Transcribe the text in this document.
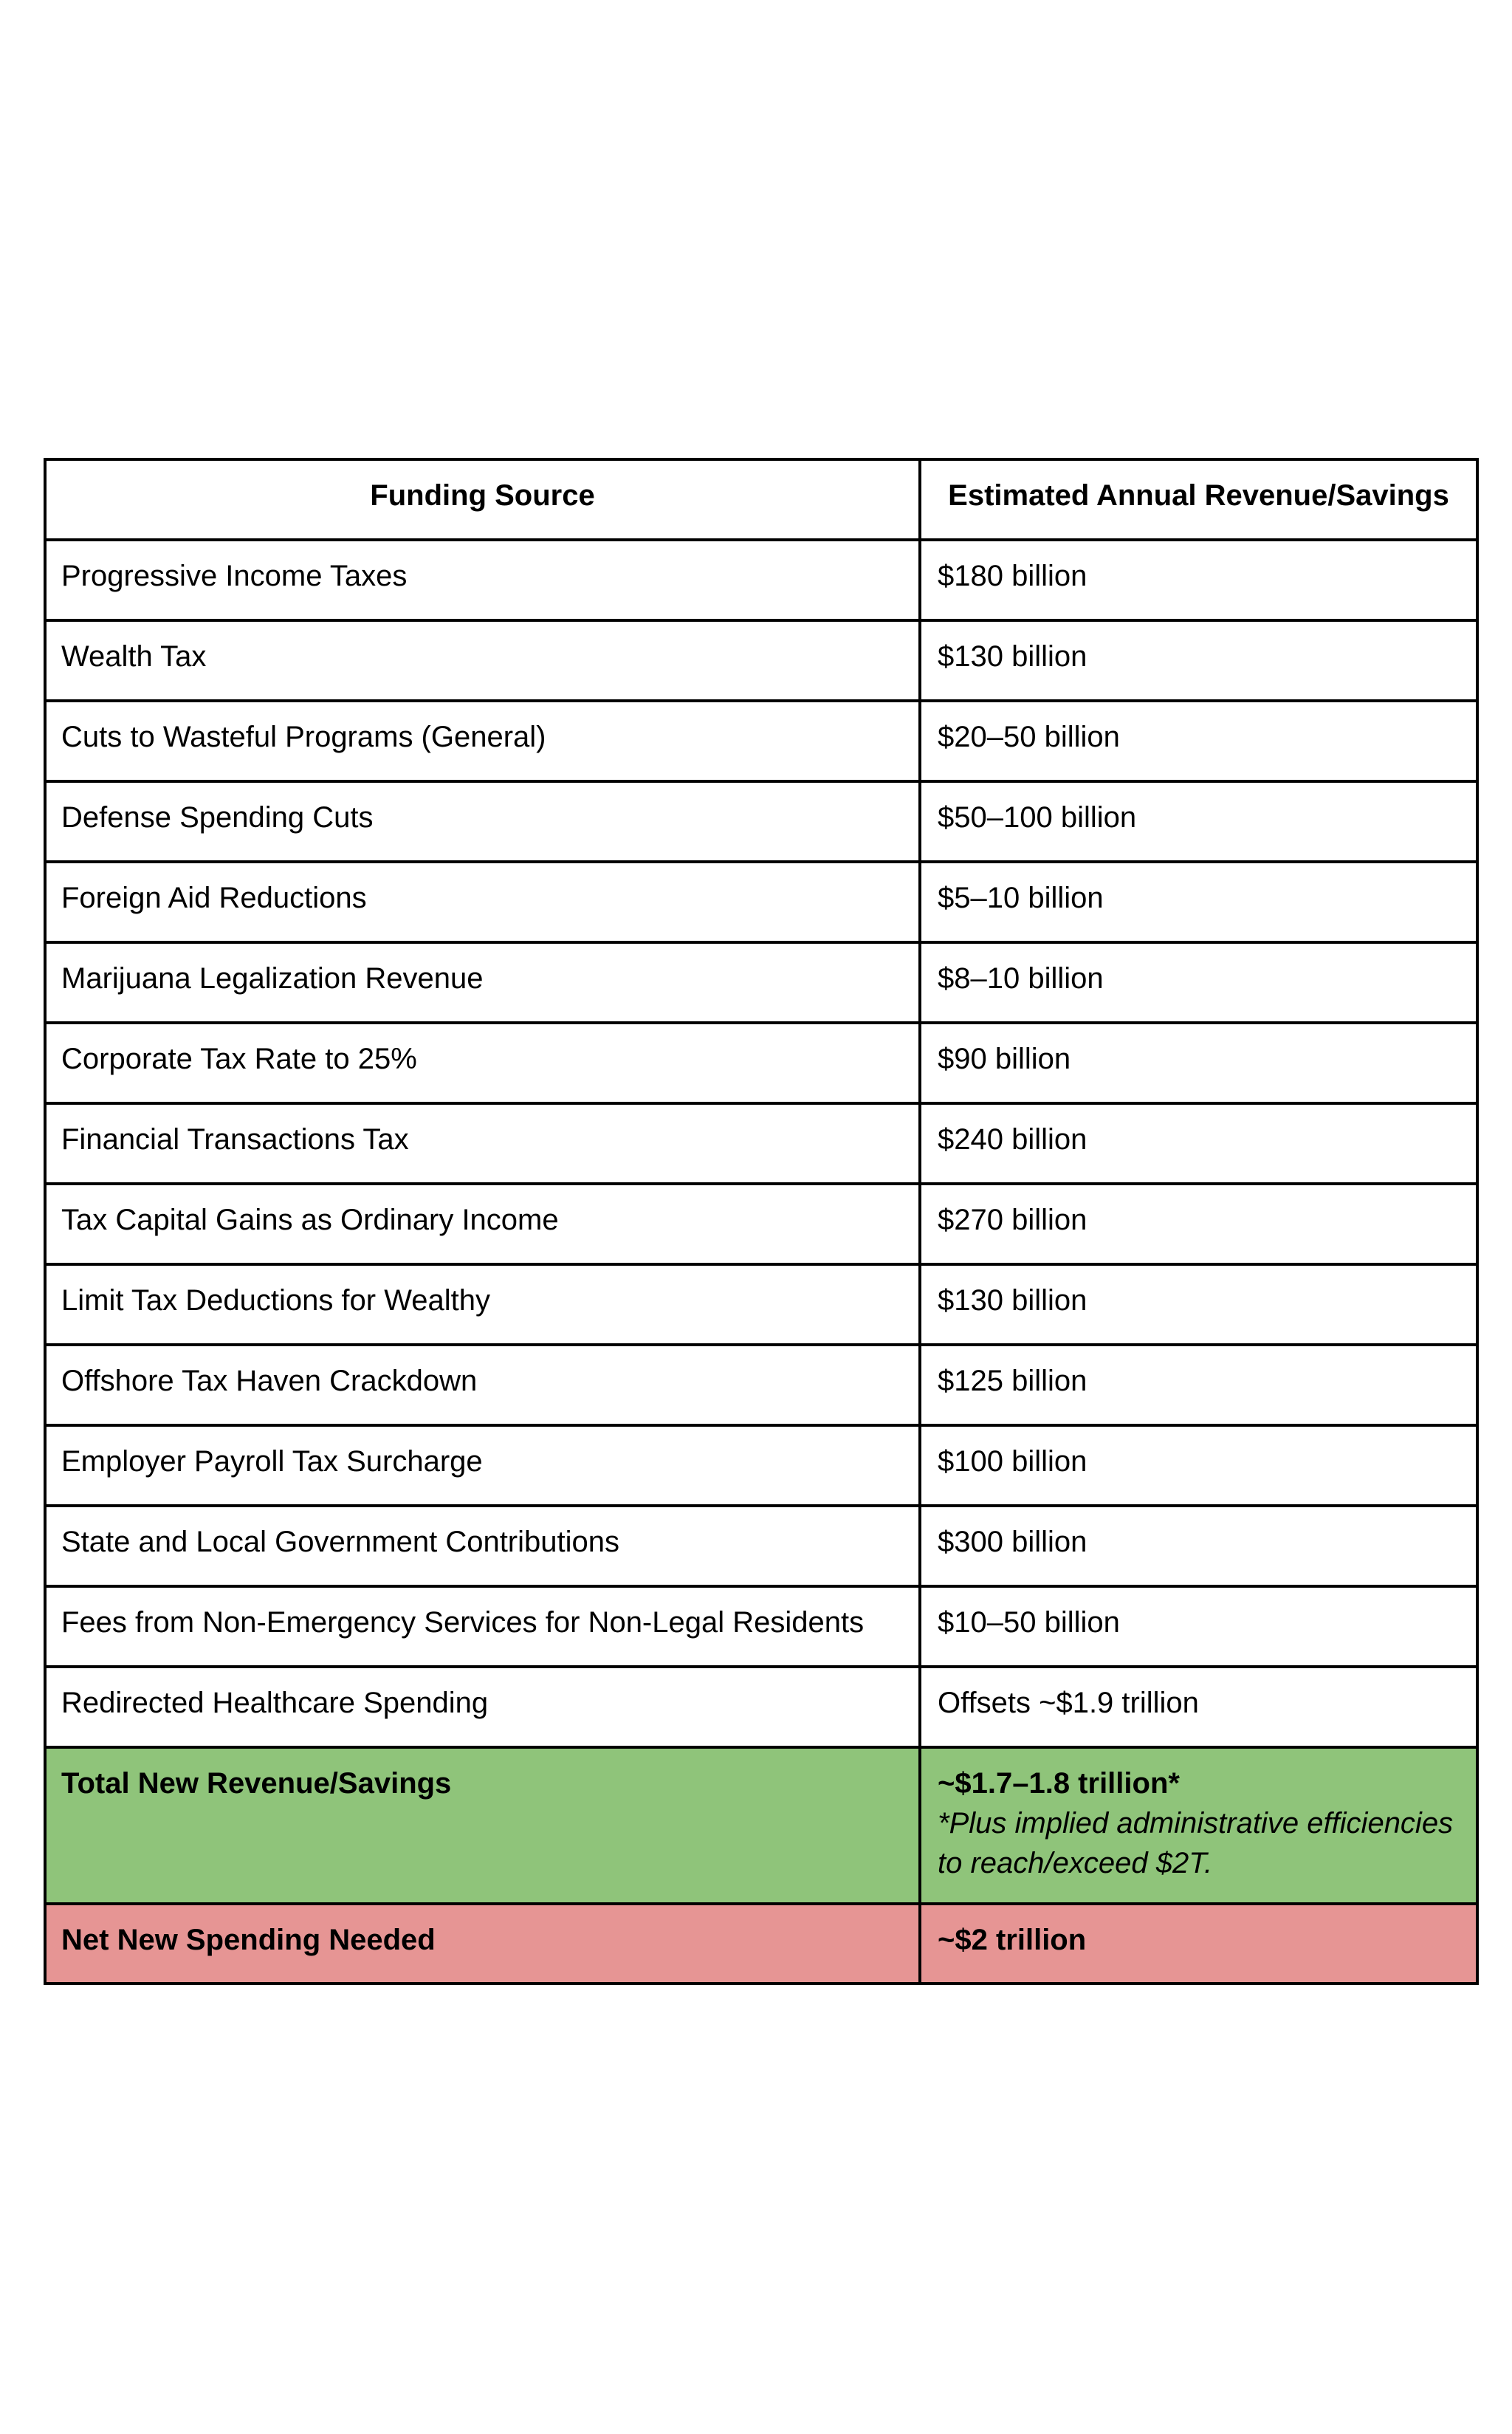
Funding Source	Estimated Annual Revenue/Savings
Progressive Income Taxes	$180 billion
Wealth Tax	$130 billion
Cuts to Wasteful Programs (General)	$20–50 billion
Defense Spending Cuts	$50–100 billion
Foreign Aid Reductions	$5–10 billion
Marijuana Legalization Revenue	$8–10 billion
Corporate Tax Rate to 25%	$90 billion
Financial Transactions Tax	$240 billion
Tax Capital Gains as Ordinary Income	$270 billion
Limit Tax Deductions for Wealthy	$130 billion
Offshore Tax Haven Crackdown	$125 billion
Employer Payroll Tax Surcharge	$100 billion
State and Local Government Contributions	$300 billion
Fees from Non-Emergency Services for Non-Legal Residents	$10–50 billion
Redirected Healthcare Spending	Offsets ~$1.9 trillion
Total New Revenue/Savings	~$1.7–1.8 trillion*
*Plus implied administrative efficiencies to reach/exceed $2T.

Net New Spending Needed	~$2 trillion
